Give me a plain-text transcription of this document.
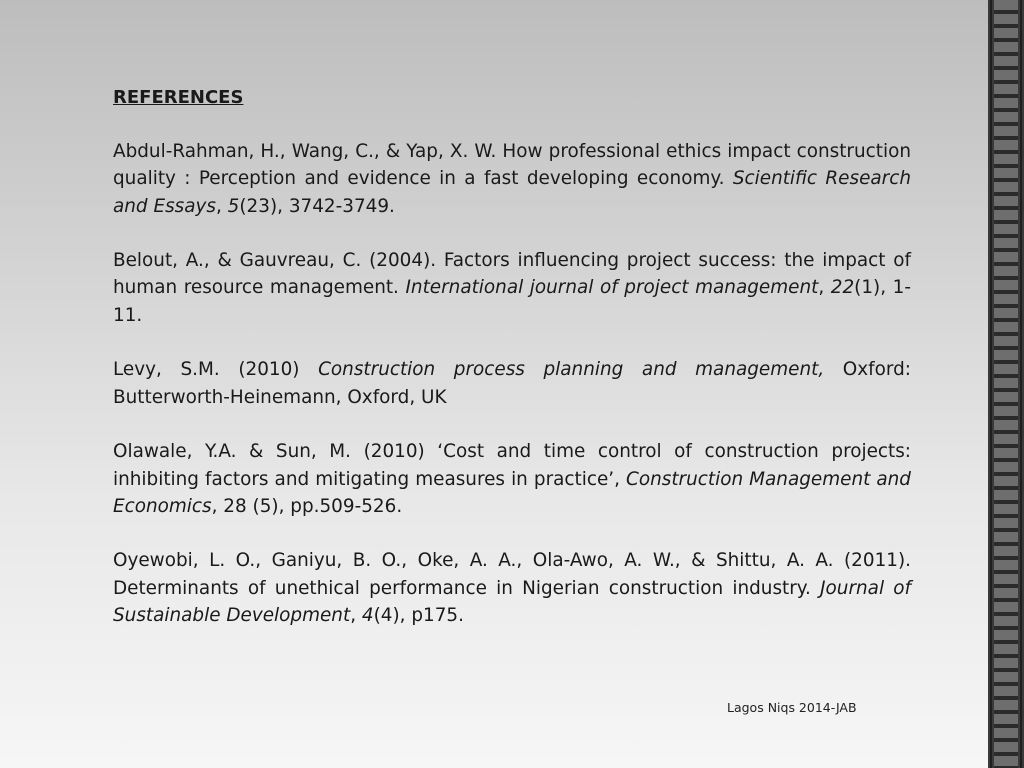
REFERENCES

Abdul-Rahman, H., Wang, C., & Yap, X. W. How professional ethics impact construction quality : Perception and evidence in a fast developing economy. Scientific Research and Essays, 5(23), 3742-3749.

Belout, A., & Gauvreau, C. (2004). Factors influencing project success: the impact of human resource management. International journal of project management, 22(1), 1-11.

Levy, S.M. (2010) Construction process planning and management, Oxford: Butterworth-Heinemann, Oxford, UK

Olawale, Y.A. & Sun, M. (2010) ‘Cost and time control of construction projects: inhibiting factors and mitigating measures in practice’, Construction Management and Economics, 28 (5), pp.509-526.

Oyewobi, L. O., Ganiyu, B. O., Oke, A. A., Ola-Awo, A. W., & Shittu, A. A. (2011). Determinants of unethical performance in Nigerian construction industry. Journal of Sustainable Development, 4(4), p175.

Lagos Niqs 2014-JAB
